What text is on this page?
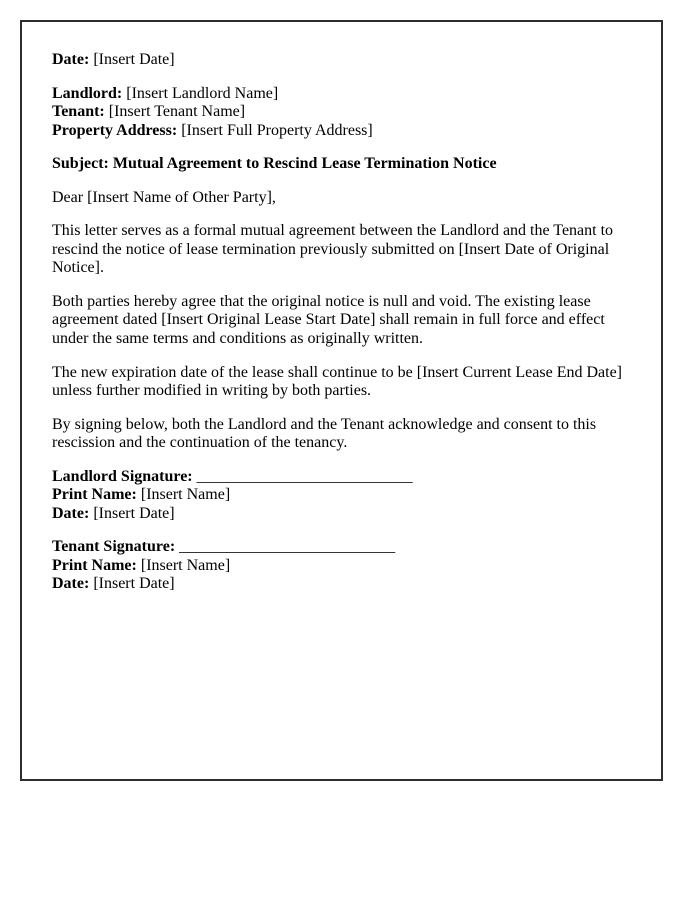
Date: [Insert Date]

Landlord: [Insert Landlord Name]
Tenant: [Insert Tenant Name]
Property Address: [Insert Full Property Address]

Subject: Mutual Agreement to Rescind Lease Termination Notice

Dear [Insert Name of Other Party],

This letter serves as a formal mutual agreement between the Landlord and the Tenant to rescind the notice of lease termination previously submitted on [Insert Date of Original Notice].

Both parties hereby agree that the original notice is null and void. The existing lease agreement dated [Insert Original Lease Start Date] shall remain in full force and effect under the same terms and conditions as originally written.

The new expiration date of the lease shall continue to be [Insert Current Lease End Date] unless further modified in writing by both parties.

By signing below, both the Landlord and the Tenant acknowledge and consent to this rescission and the continuation of the tenancy.

Landlord Signature: ___________________________
Print Name: [Insert Name]
Date: [Insert Date]

Tenant Signature: ___________________________
Print Name: [Insert Name]
Date: [Insert Date]
